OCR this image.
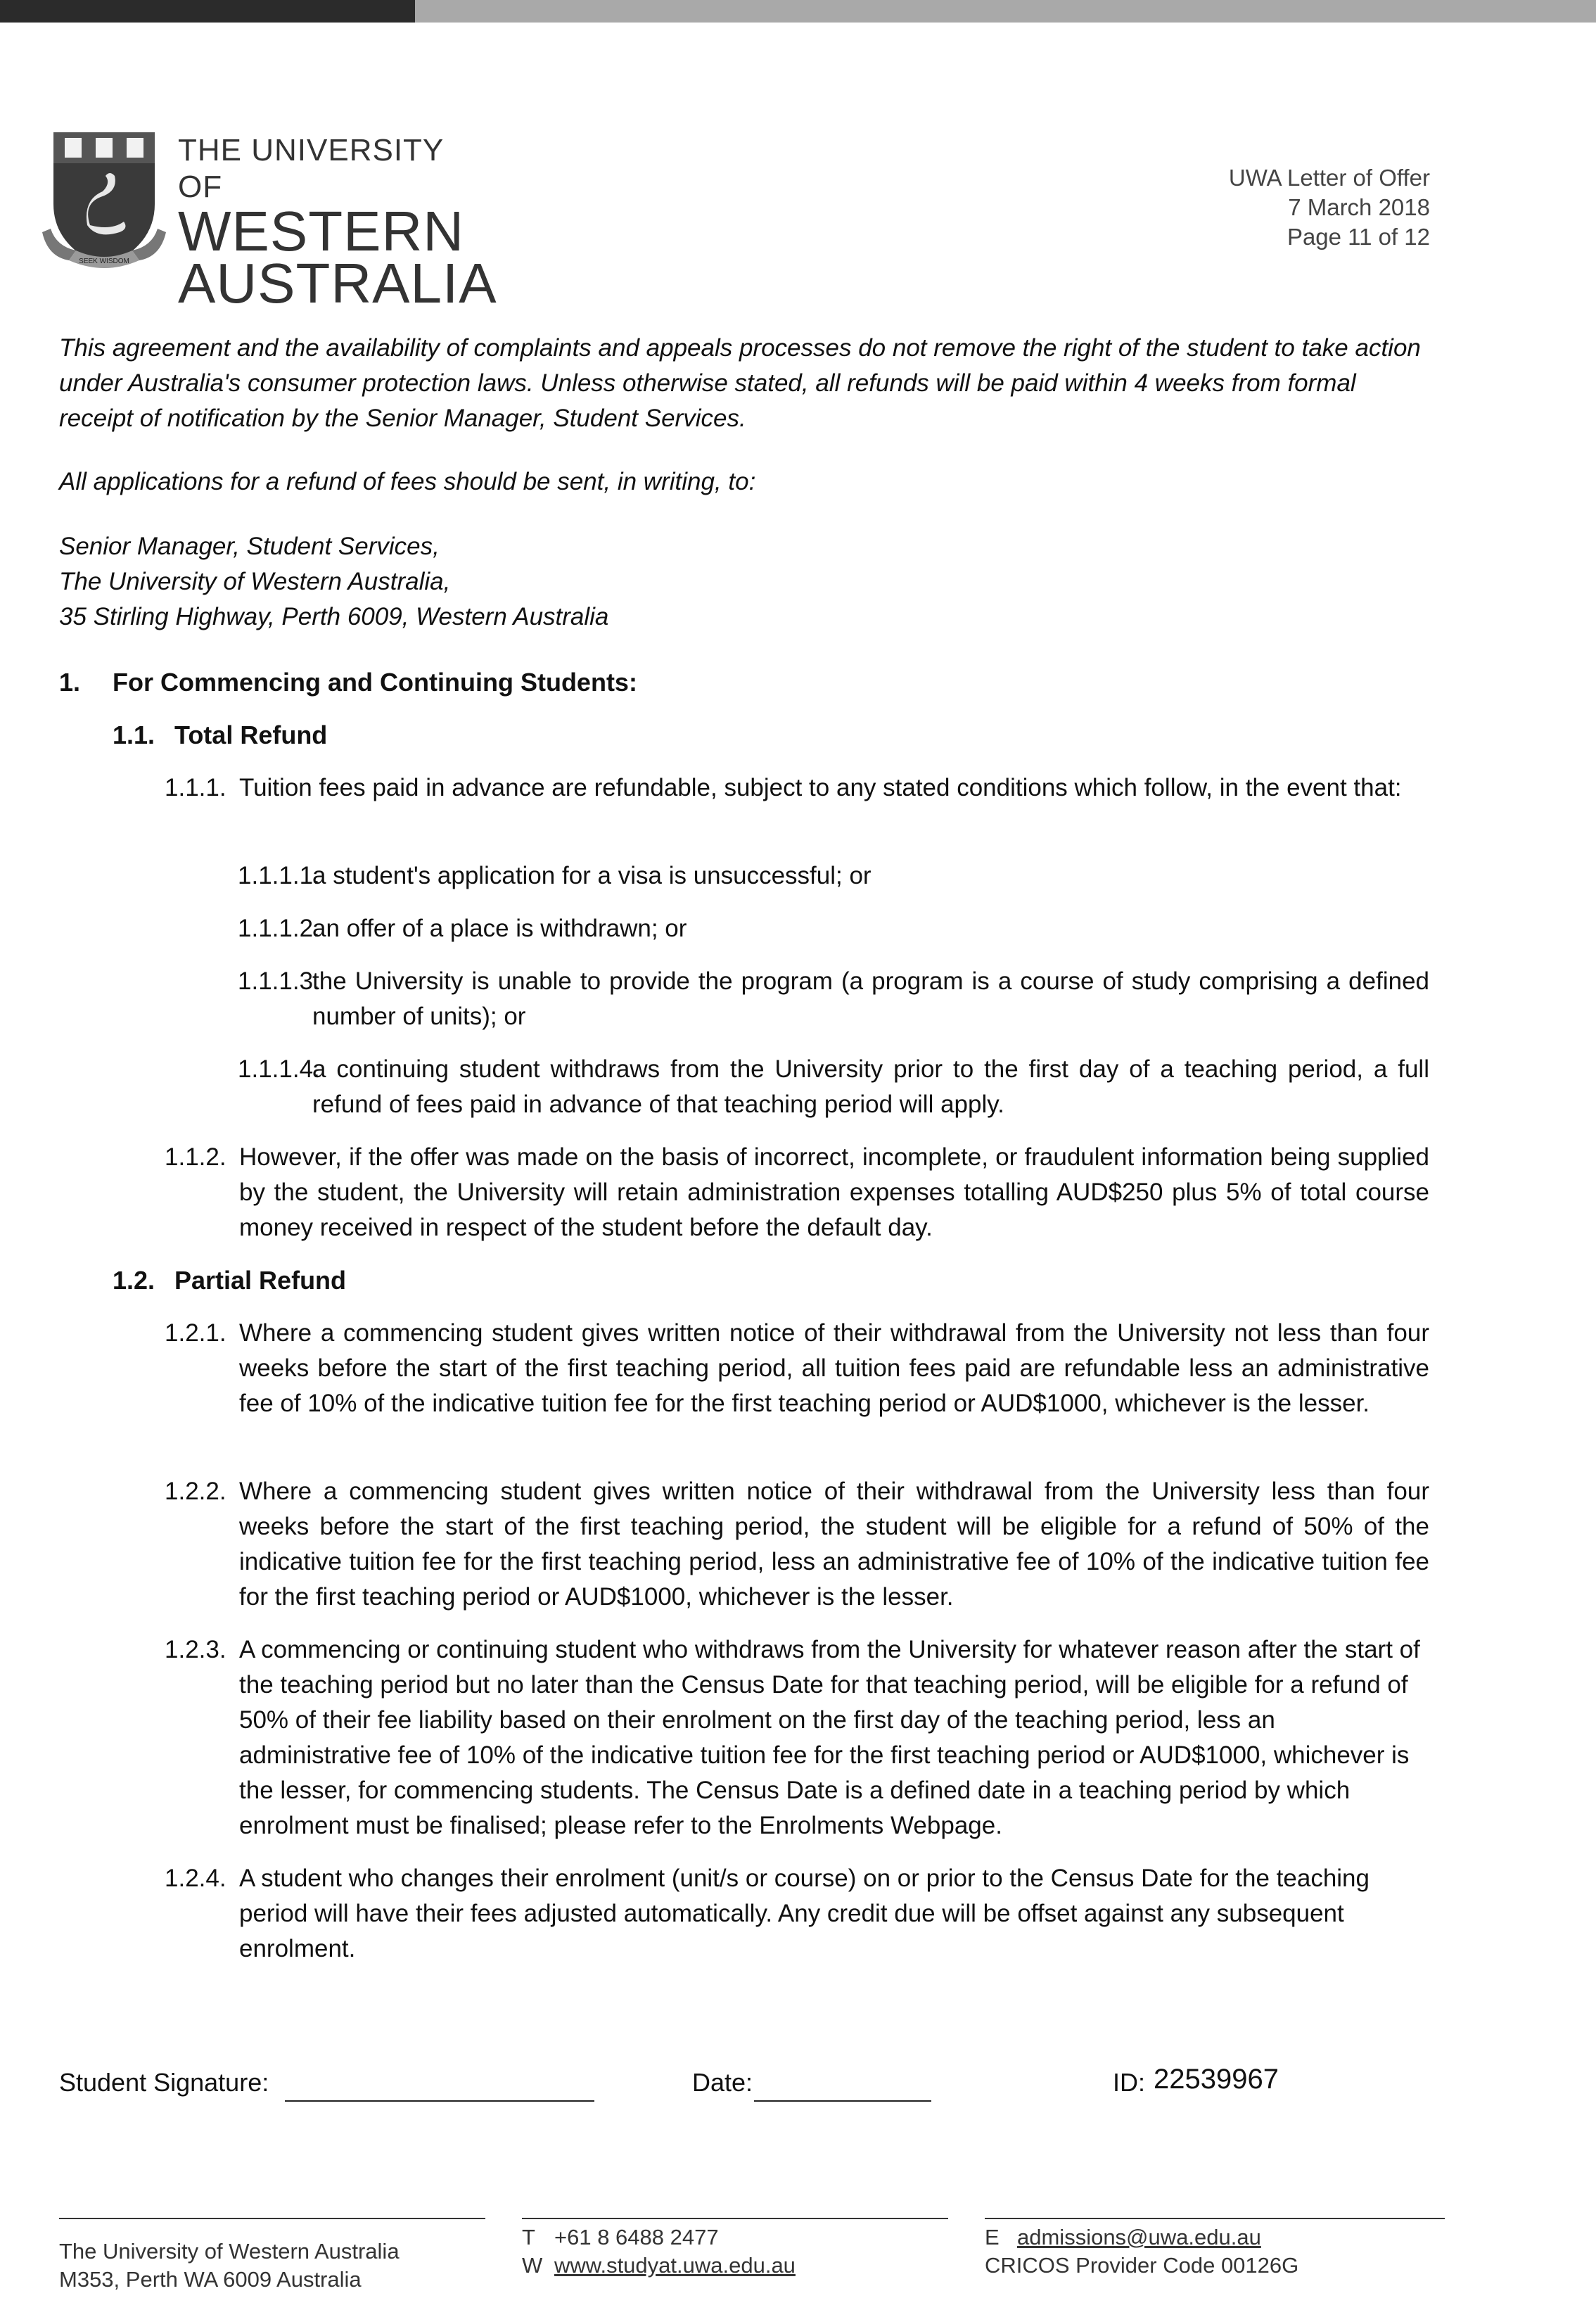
SEEK WISDOM
THE UNIVERSITY OF
WESTERN
AUSTRALIA
UWA Letter of Offer
7 March 2018
Page 11 of 12
This agreement and the availability of complaints and appeals processes do not remove the right of the student to take action under Australia's consumer protection laws. Unless otherwise stated, all refunds will be paid within 4 weeks from formal receipt of notification by the Senior Manager, Student Services.
All applications for a refund of fees should be sent, in writing, to:
Senior Manager, Student Services,
The University of Western Australia,
35 Stirling Highway, Perth 6009, Western Australia
1. For Commencing and Continuing Students:
1.1. Total Refund
1.1.1. Tuition fees paid in advance are refundable, subject to any stated conditions which follow, in the event that:
1.1.1.1.
a student's application for a visa is unsuccessful; or
1.1.1.2.
an offer of a place is withdrawn; or
1.1.1.3.
the University is unable to provide the program (a program is a course of study comprising a defined number of units); or
1.1.1.4.
a continuing student withdraws from the University prior to the first day of a teaching period, a full refund of fees paid in advance of that teaching period will apply.
1.1.2. However, if the offer was made on the basis of incorrect, incomplete, or fraudulent information being supplied by the student, the University will retain administration expenses totalling AUD$250 plus 5% of total course money received in respect of the student before the default day.
1.2. Partial Refund
1.2.1. Where a commencing student gives written notice of their withdrawal from the University not less than four weeks before the start of the first teaching period, all tuition fees paid are refundable less an administrative fee of 10% of the indicative tuition fee for the first teaching period or AUD$1000, whichever is the lesser.
1.2.2. Where a commencing student gives written notice of their withdrawal from the University less than four weeks before the start of the first teaching period, the student will be eligible for a refund of 50% of the indicative tuition fee for the first teaching period, less an administrative fee of 10% of the indicative tuition fee for the first teaching period or AUD$1000, whichever is the lesser.
1.2.3. A commencing or continuing student who withdraws from the University for whatever reason after the start of the teaching period but no later than the Census Date for that teaching period, will be eligible for a refund of 50% of their fee liability based on their enrolment on the first day of the teaching period, less an administrative fee of 10% of the indicative tuition fee for the first teaching period or AUD$1000, whichever is the lesser, for commencing students. The Census Date is a defined date in a teaching period by which enrolment must be finalised; please refer to the Enrolments Webpage.
1.2.4. A student who changes their enrolment (unit/s or course) on or prior to the Census Date for the teaching period will have their fees adjusted automatically. Any credit due will be offset against any subsequent enrolment.
Student Signature:	Date:	ID: 22539967
The University of Western Australia
M353, Perth WA 6009 Australia
T +61 8 6488 2477
W www.studyat.uwa.edu.au
E admissions@uwa.edu.au
CRICOS Provider Code 00126G
